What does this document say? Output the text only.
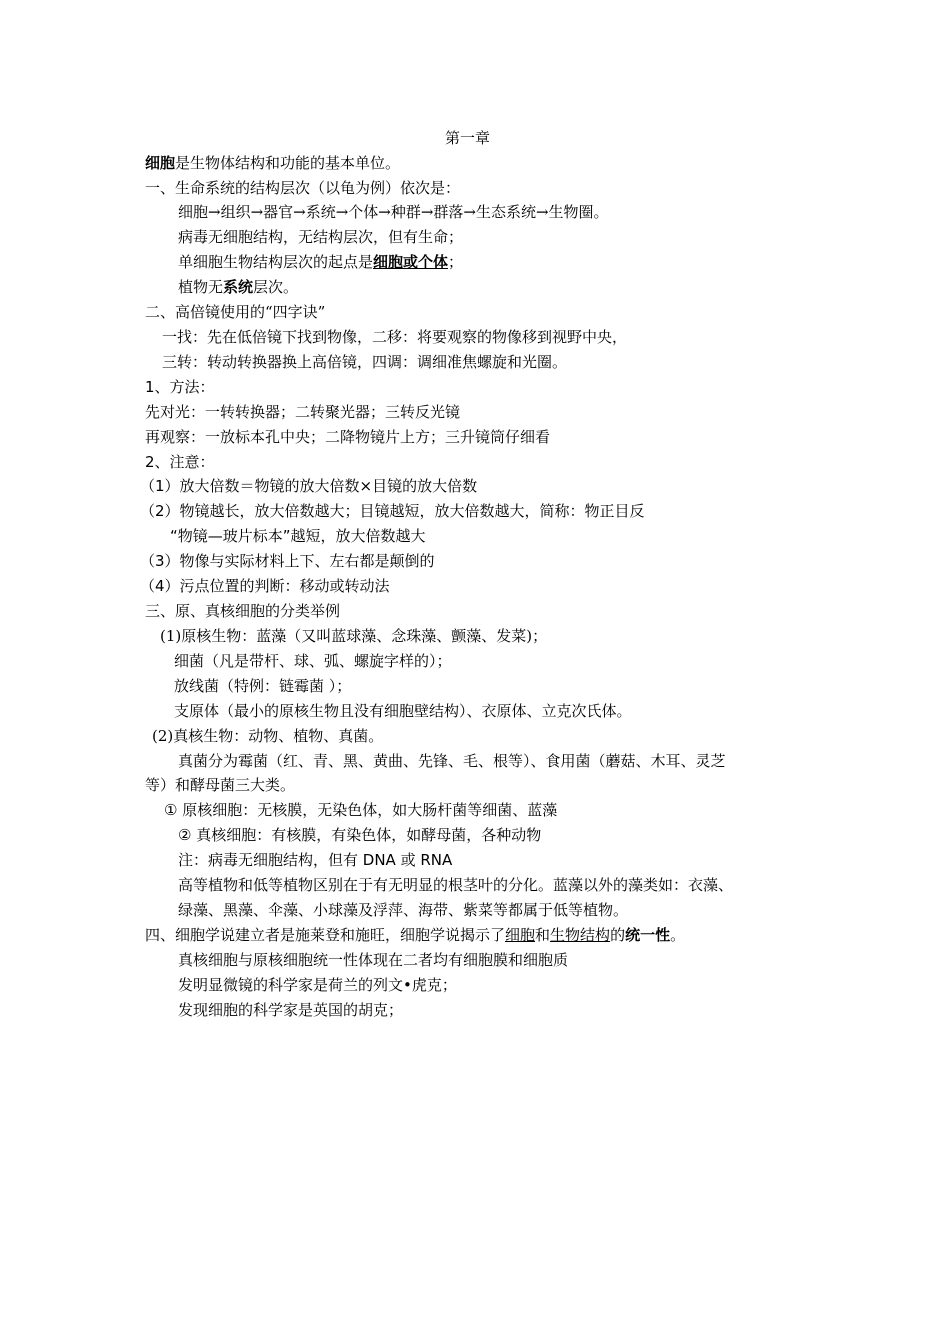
第一章
细胞是生物体结构和功能的基本单位。
一、生命系统的结构层次（以龟为例）依次是：
细胞→组织→器官→系统→个体→种群→群落→生态系统→生物圈。
病毒无细胞结构，无结构层次，但有生命；
单细胞生物结构层次的起点是细胞或个体；
植物无系统层次。
二、高倍镜使用的“四字诀”
一找：先在低倍镜下找到物像，二移：将要观察的物像移到视野中央，
三转：转动转换器换上高倍镜，四调：调细准焦螺旋和光圈。
1、方法：
先对光：一转转换器；二转聚光器；三转反光镜
再观察：一放标本孔中央；二降物镜片上方；三升镜筒仔细看
2、注意：
（1）放大倍数＝物镜的放大倍数×目镜的放大倍数
（2）物镜越长，放大倍数越大；目镜越短，放大倍数越大，简称：物正目反
“物镜—玻片标本”越短，放大倍数越大
（3）物像与实际材料上下、左右都是颠倒的
（4）污点位置的判断：移动或转动法
三、原、真核细胞的分类举例
(1)原核生物：蓝藻（又叫蓝球藻、念珠藻、颤藻、发菜)；
细菌（凡是带杆、球、弧、螺旋字样的）；
放线菌（特例：链霉菌 ）；
支原体（最小的原核生物且没有细胞壁结构）、衣原体、立克次氏体。
(2)真核生物：动物、植物、真菌。
真菌分为霉菌（红、青、黑、黄曲、先锋、毛、根等）、食用菌（蘑菇、木耳、灵芝
等）和酵母菌三大类。
① 原核细胞：无核膜，无染色体，如大肠杆菌等细菌、蓝藻
② 真核细胞：有核膜，有染色体，如酵母菌，各种动物
注：病毒无细胞结构，但有 DNA 或 RNA
高等植物和低等植物区别在于有无明显的根茎叶的分化。蓝藻以外的藻类如：衣藻、
绿藻、黑藻、伞藻、小球藻及浮萍、海带、紫菜等都属于低等植物。
四、细胞学说建立者是施莱登和施旺，细胞学说揭示了细胞和生物结构的统一性。
真核细胞与原核细胞统一性体现在二者均有细胞膜和细胞质
发明显微镜的科学家是荷兰的列文•虎克；
发现细胞的科学家是英国的胡克；
